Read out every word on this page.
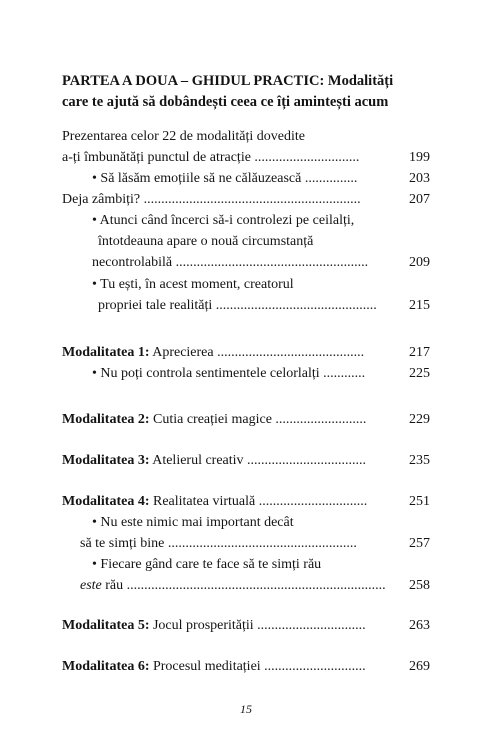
PARTEA A DOUA – GHIDUL PRACTIC: Modalități
care te ajută să dobândești ceea ce îți amintești acum
Prezentarea celor 22 de modalități dovedite
a-ți îmbunătăți punctul de atracție ..............................	199
• Să lăsăm emoțiile să ne călăuzească ...............	203
Deja zâmbiți? ..............................................................	207
• Atunci când încerci să-i controlezi pe ceilalți,
întotdeauna apare o nouă circumstanță
necontrolabilă .......................................................	209
• Tu ești, în acest moment, creatorul
propriei tale realități .............................................. 215
Modalitatea 1: Aprecierea ..........................................	217
• Nu poți controla sentimentele celorlalți ............	225
Modalitatea 2: Cutia creației magice ..........................	229
Modalitatea 3: Atelierul creativ ..................................	235
Modalitatea 4: Realitatea virtuală ...............................	251
• Nu este nimic mai important decât
să te simți bine ......................................................	257
• Fiecare gând care te face să te simți rău
este rău .......................................................................... 258
Modalitatea 5: Jocul prosperității ...............................	263
Modalitatea 6: Procesul meditației .............................	269
15
